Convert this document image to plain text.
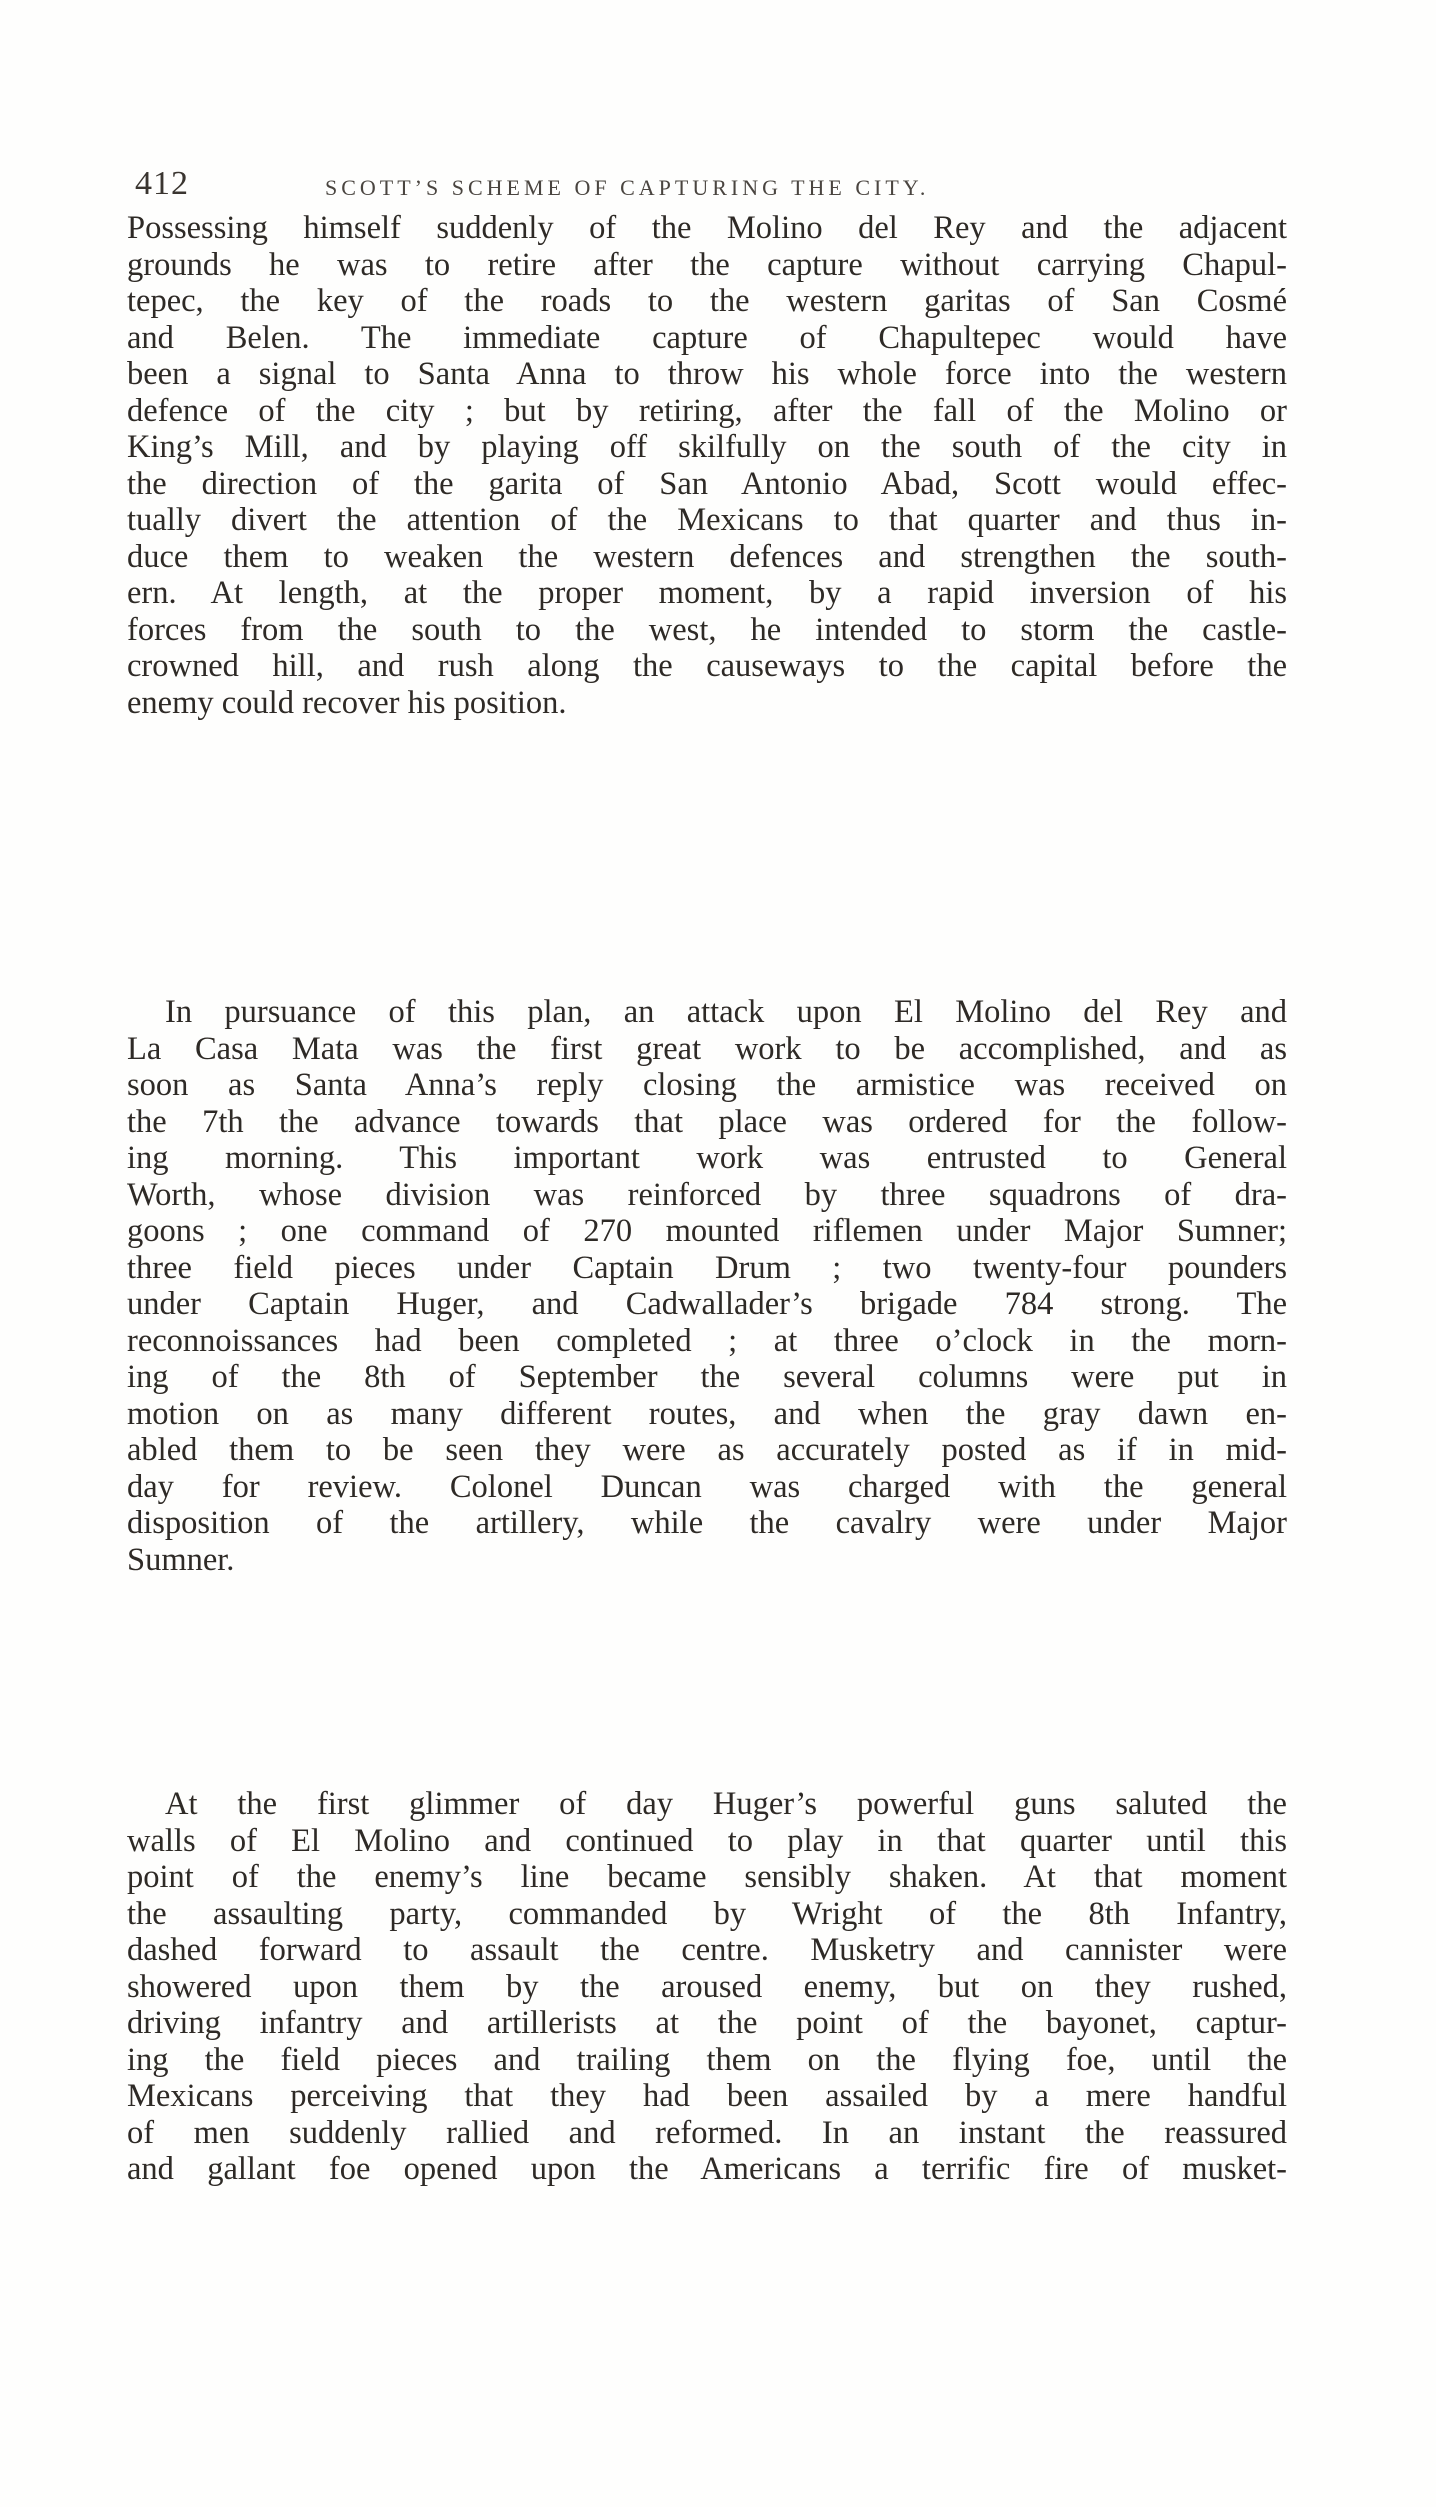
412	SCOTT’S SCHEME OF CAPTURING THE CITY.
Possessing himself suddenly of the Molino del Rey and the adjacent
grounds he was to retire after the capture without carrying Chapul-
tepec, the key of the roads to the western garitas of San Cosmé
and Belen. The immediate capture of Chapultepec would have
been a signal to Santa Anna to throw his whole force into the western
defence of the city ; but by retiring, after the fall of the Molino or
King’s Mill, and by playing off skilfully on the south of the city in
the direction of the garita of San Antonio Abad, Scott would effec-
tually divert the attention of the Mexicans to that quarter and thus in-
duce them to weaken the western defences and strengthen the south-
ern. At length, at the proper moment, by a rapid inversion of his
forces from the south to the west, he intended to storm the castle-
crowned hill, and rush along the causeways to the capital before the
enemy could recover his position.
In pursuance of this plan, an attack upon El Molino del Rey and
La Casa Mata was the first great work to be accomplished, and as
soon as Santa Anna’s reply closing the armistice was received on
the 7th the advance towards that place was ordered for the follow-
ing morning. This important work was entrusted to General
Worth, whose division was reinforced by three squadrons of dra-
goons ; one command of 270 mounted riflemen under Major Sumner;
three field pieces under Captain Drum ; two twenty-four pounders
under Captain Huger, and Cadwallader’s brigade 784 strong. The
reconnoissances had been completed ; at three o’clock in the morn-
ing of the 8th of September the several columns were put in
motion on as many different routes, and when the gray dawn en-
abled them to be seen they were as accurately posted as if in mid-
day for review. Colonel Duncan was charged with the general
disposition of the artillery, while the cavalry were under Major
Sumner.
At the first glimmer of day Huger’s powerful guns saluted the
walls of El Molino and continued to play in that quarter until this
point of the enemy’s line became sensibly shaken. At that moment
the assaulting party, commanded by Wright of the 8th Infantry,
dashed forward to assault the centre. Musketry and cannister were
showered upon them by the aroused enemy, but on they rushed,
driving infantry and artillerists at the point of the bayonet, captur-
ing the field pieces and trailing them on the flying foe, until the
Mexicans perceiving that they had been assailed by a mere handful
of men suddenly rallied and reformed. In an instant the reassured
and gallant foe opened upon the Americans a terrific fire of musket-
